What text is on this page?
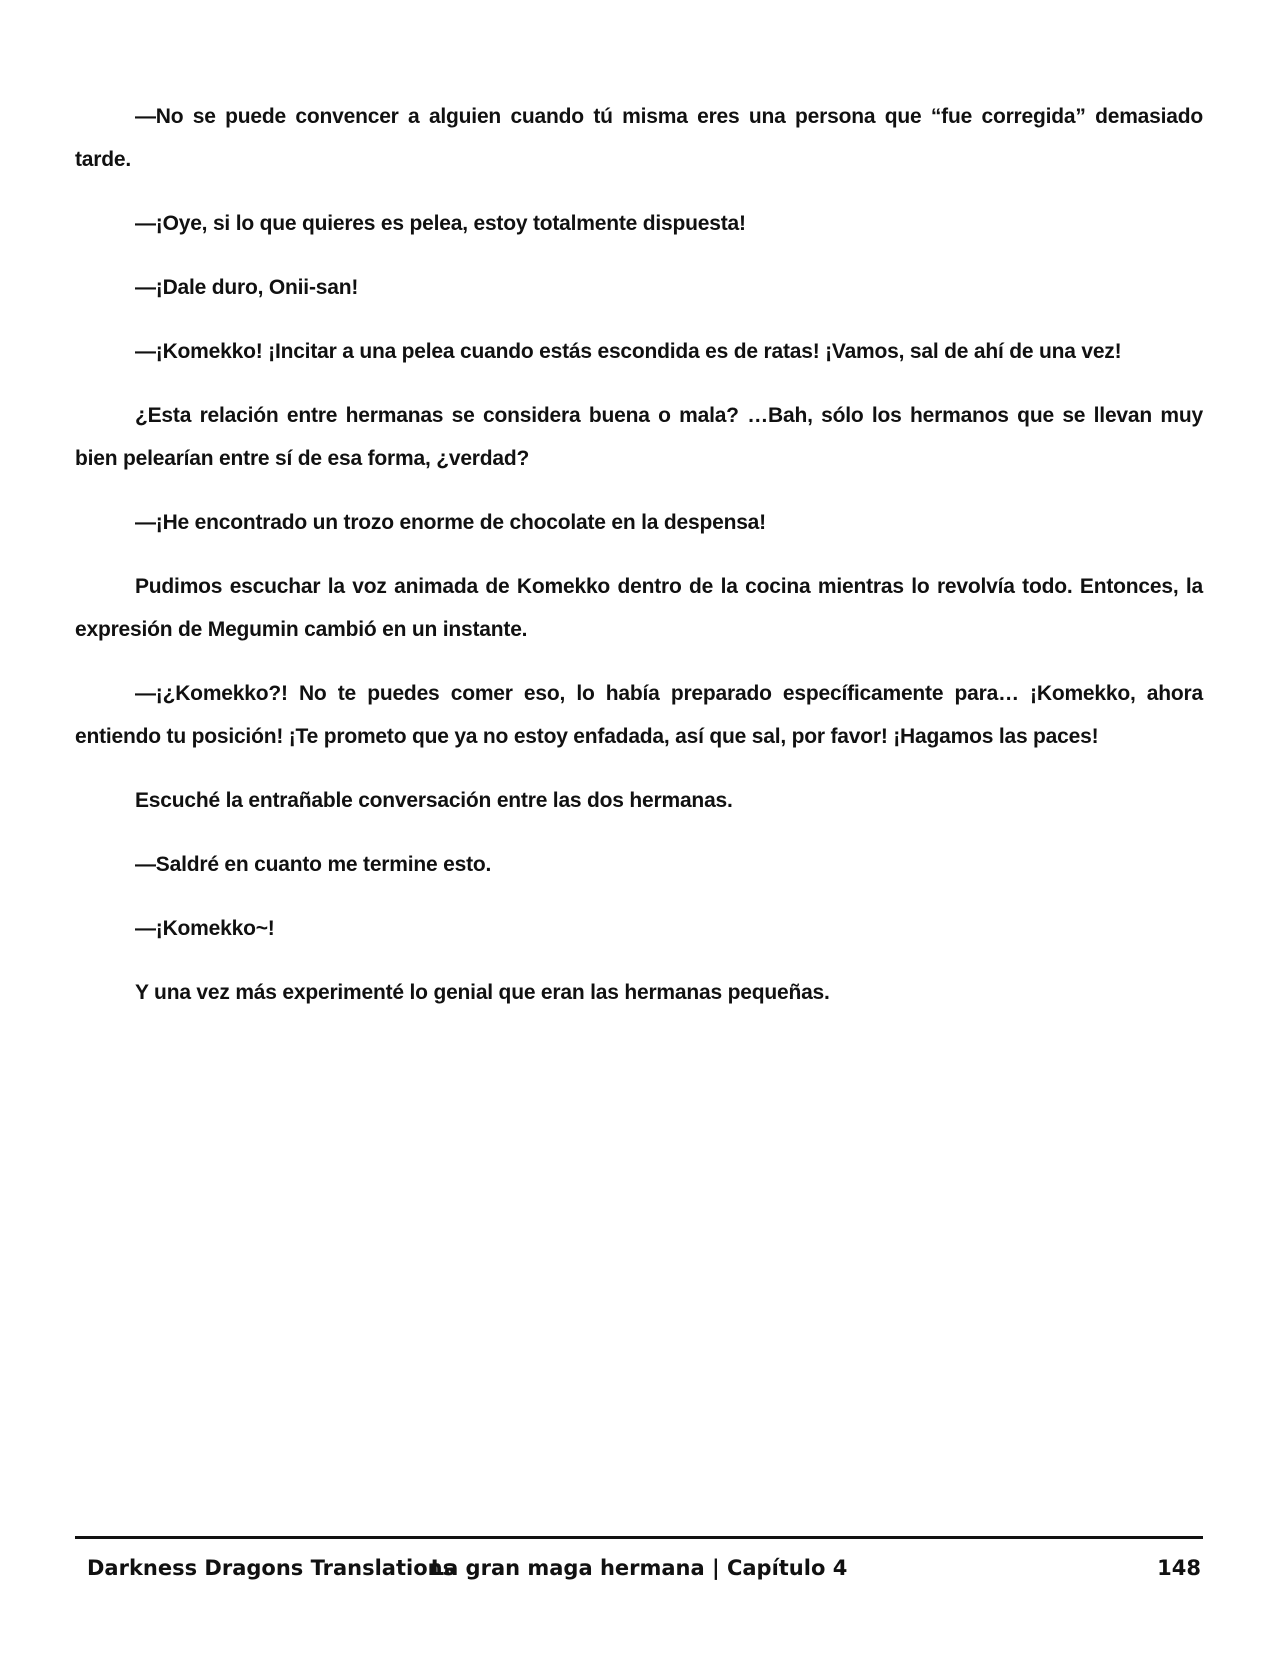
—No se puede convencer a alguien cuando tú misma eres una persona que “fue corregida” demasiado tarde.

—¡Oye, si lo que quieres es pelea, estoy totalmente dispuesta!

—¡Dale duro, Onii-san!

—¡Komekko! ¡Incitar a una pelea cuando estás escondida es de ratas! ¡Vamos, sal de ahí de una vez!

¿Esta relación entre hermanas se considera buena o mala? …Bah, sólo los hermanos que se llevan muy bien pelearían entre sí de esa forma, ¿verdad?

—¡He encontrado un trozo enorme de chocolate en la despensa!

Pudimos escuchar la voz animada de Komekko dentro de la cocina mientras lo revolvía todo. Entonces, la expresión de Megumin cambió en un instante.

—¡¿Komekko?! No te puedes comer eso, lo había preparado específicamente para… ¡Komekko, ahora entiendo tu posición! ¡Te prometo que ya no estoy enfadada, así que sal, por favor! ¡Hagamos las paces!

Escuché la entrañable conversación entre las dos hermanas.

—Saldré en cuanto me termine esto.

—¡Komekko~!

Y una vez más experimenté lo genial que eran las hermanas pequeñas.

Darkness Dragons Translations
La gran maga hermana | Capítulo 4	148
